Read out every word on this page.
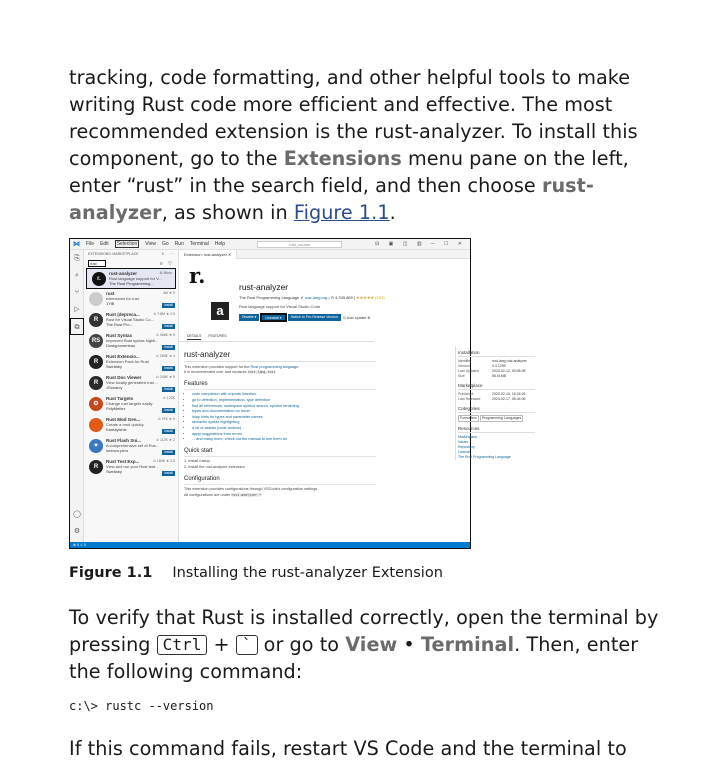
tracking, code formatting, and other helpful tools to make writing Rust code more efficient and effective. The most recommended extension is the rust-analyzer. To install this component, go to the Extensions menu pane on the left, enter “rust” in the search field, and then choose rust-analyzer, as shown in Figure 1.1.

⋈ File Edit	Selection	View Go Run Terminal Help	rust_course	⊟ ▣ ◫ ▥ ─ ☐ ✕
⎘
⌕
⑂
▷
⧉
◯
⚙
EXTENSIONS: MARKETPLACE	↻ ⋯
rust	≡ ▽
r.
rust-analyzer
Rust language support for V...
The Rust Programming...
⚙ 86ms
rust
extensions for rust
1YiB
4M ★ 5
Install
R
Rust (depreca...
Rust for Visual Studio Co...
The Rust Pro...
⊙ 7.8M ★ 2.5
Install
RS
Rust Syntax
Improved Rust syntax highli...
Dustypomerleau
⊙ 366K ★ 5
Install
R
Rust Extensio...
Extension Pack for Rust
Swellaby
⊙ 289K ★ 4
Install
R
Rust Doc Viewer
View locally generated rust ...
JScearcy
⊙ 245K ★ 5
Install
⚙
Rust Targets
Change rust targets easily
PolyMeilex
⊙ 122K
Install
🦀
Rust Mod Gen...
Create a mod quickly
Kamaylshie
⊙ 97K ★ 5
Install
✦
Rust Flash Sni...
A comprehensive set of Rus...
lorenzo.pirro
⊙ 112K ★ 2
Install
R
Rust Test Exp...
View and run your Rust test...
Swellaby
⊙ 184K ★ 3.5
Install
Extension: rust-analyzer ✕
r.
a
rust-analyzer
The Rust Programming Language ✔ rust-lang.org | ⊙ 4,335,869 | ★★★★★ (231)
Rust language support for Visual Studio Code
Disable ▾	Uninstall ▾	Switch to Pre-Release Version	☑ Auto Update ⚙
DETAILS FEATURES
rust-analyzer
This extension provides support for the Rust programming language.
It is recommended over and replaces rust-lang.rust.
Features
• code completion with imports insertion
• go to definition, implementation, type definition
• find all references, workspace symbol search, symbol renaming
• types and documentation on hover
• inlay hints for types and parameter names
• semantic syntax highlighting
• a lot of assists (code actions)
• apply suggestions from errors
• ... and many more, check out the manual to see them all
Quick start
1. Install rustup.
2. Install the rust-analyzer extension.
Configuration
This extension provides configurations through VSCode's configuration settings.
All configurations are under rust-analyzer.*.
Installation
Identifier	rust-lang.rust-analyzer
Version	0.3.1299
Last Updated	2023-02-12, 00:05:39
Size	56.01MB
Marketplace
Published	2020-02-16, 16:24:26
Last Released	2023-02-17, 05:44:06
Categories
Formatters Programming Languages
Resources
Marketplace
Issues
Repository
License
The Rust Programming Language
⊗ 0 ⚠ 0
Figure 1.1 Installing the rust-analyzer Extension

To verify that Rust is installed correctly, open the terminal by pressing Ctrl + ` or go to View • Terminal. Then, enter the following command:

c:\> rustc --version

If this command fails, restart VS Code and the terminal to
